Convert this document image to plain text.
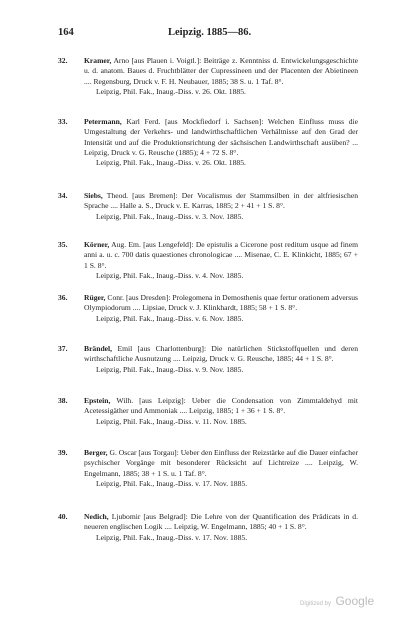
164	Leipzig. 1885—86.
32.	Kramer, Arno [aus Plauen i. Voigtl.]: Beiträge z. Kenntniss d. Entwickelungsgeschichte u. d. anatom. Baues d. Fruchtblätter der Cupressineen und der Placenten der Abietineen .... Regensburg, Druck v. F. H. Neubauer, 1885; 38 S. u. 1 Taf. 8°.
Leipzig, Phil. Fak., Inaug.-Diss. v. 26. Okt. 1885.
33.	Petermann, Karl Ferd. [aus Mockfiedorf i. Sachsen]: Welchen Einfluss muss die Umgestaltung der Verkehrs- und landwirthschaftlichen Verhältnisse auf den Grad der Intensität und auf die Produktionsrichtung der sächsischen Landwirthschaft ausüben? ... Leipzig, Druck v. G. Reusche (1885); 4 + 72 S. 8°.
Leipzig, Phil. Fak., Inaug.-Diss. v. 26. Okt. 1885.
34.	Siebs, Theod. [aus Bremen]: Der Vocalismus der Stammsilben in der altfriesischen Sprache .... Halle a. S., Druck v. E. Karras, 1885; 2 + 41 + 1 S. 8°.
Leipzig, Phil. Fak., Inaug.-Diss. v. 3. Nov. 1885.
35.	Körner, Aug. Em. [aus Lengefeld]: De epistulis a Cicerone post reditum usque ad finem anni a. u. c. 700 datis quaestiones chronologicae .... Misenae, C. E. Klinkicht, 1885; 67 + 1 S. 8°.
Leipzig, Phil. Fak., Inaug.-Diss. v. 4. Nov. 1885.
36.	Rüger, Conr. [aus Dresden]: Prolegomena in Demosthenis quae fertur orationem adversus Olympiodorum .... Lipsiae, Druck v. J. Klinkhardt, 1885; 58 + 1 S. 8°.
Leipzig, Phil. Fak., Inaug.-Diss. v. 6. Nov. 1885.
37.	Brändel, Emil [aus Charlottenburg]: Die natürlichen Stickstoffquellen und deren wirthschaftliche Ausnutzung .... Leipzig, Druck v. G. Reusche, 1885; 44 + 1 S. 8°.
Leipzig, Phil. Fak., Inaug.-Diss. v. 9. Nov. 1885.
38.	Epstein, Wilh. [aus Leipzig]: Ueber die Condensation von Zimmtaldehyd mit Acetessigäther und Ammoniak .... Leipzig, 1885; 1 + 36 + 1 S. 8°.
Leipzig, Phil. Fak., Inaug.-Diss. v. 11. Nov. 1885.
39.	Berger, G. Oscar [aus Torgau]: Ueber den Einfluss der Reizstärke auf die Dauer einfacher psychischer Vorgänge mit besonderer Rücksicht auf Lichtreize .... Leipzig, W. Engelmann, 1885; 38 + 1 S. u. 1 Taf. 8°.
Leipzig, Phil. Fak., Inaug.-Diss. v. 17. Nov. 1885.
40.	Nedich, Ljubomir [aus Belgrad]: Die Lehre von der Quantification des Prädicats in d. neueren englischen Logik .... Leipzig, W. Engelmann, 1885; 40 + 1 S. 8°.
Leipzig, Phil. Fak., Inaug.-Diss. v. 17. Nov. 1885.
Digitized by Google
